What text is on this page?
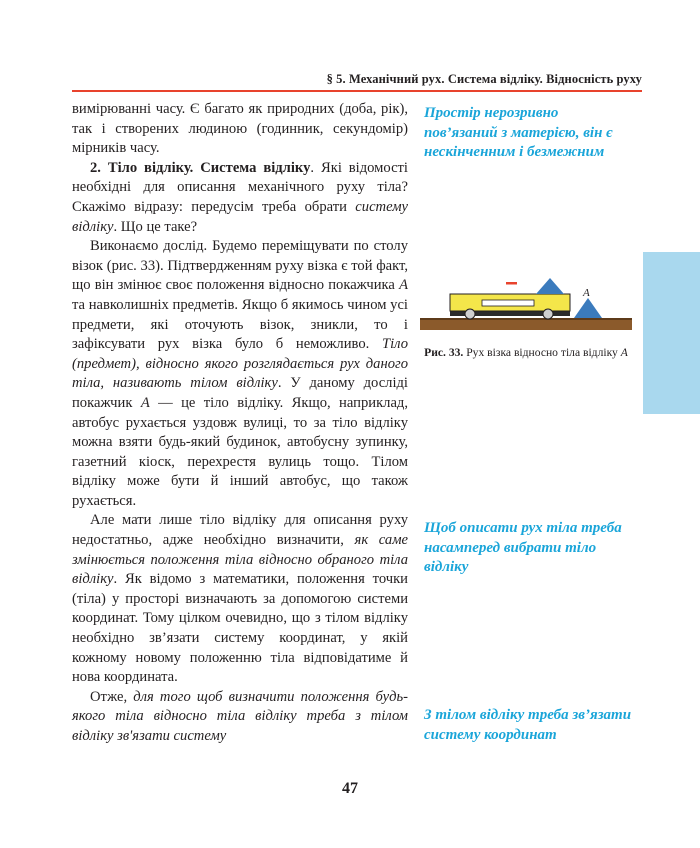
§ 5. Механічний рух. Система відліку. Відносність руху

вимірюванні часу. Є багато як природних (доба, рік), так і створених людиною (годинник, секундомір) мірників часу.

2. Тіло відліку. Система відліку. Які відомості необхідні для описання механічного руху тіла? Скажімо відразу: передусім треба обрати систему відліку. Що це таке?

Виконаємо дослід. Будемо переміщувати по столу візок (рис. 33). Підтвердженням руху візка є той факт, що він змінює своє положення відносно покажчика А та навколишніх предметів. Якщо б якимось чином усі предмети, які оточують візок, зникли, то і зафіксувати рух візка було б неможливо. Тіло (предмет), відносно якого розглядається рух даного тіла, називають тілом відліку. У даному досліді покажчик А — це тіло відліку. Якщо, наприклад, автобус рухається уздовж вулиці, то за тіло відліку можна взяти будь-який будинок, автобусну зупинку, газетний кіоск, перехрестя вулиць тощо. Тілом відліку може бути й інший автобус, що також рухається.

Але мати лише тіло відліку для описання руху недостатньо, адже необхідно визначити, як саме змінюється положення тіла відносно обраного тіла відліку. Як відомо з математики, положення точки (тіла) у просторі визначають за допомогою системи координат. Тому цілком очевидно, що з тілом відліку необхідно зв’язати систему координат, у якій кожному новому положенню тіла відповідатиме й нова координата.

Отже, для того щоб визначити положення будь-якого тіла відносно тіла відліку треба з тілом відліку зв'язати систему

Простір нерозривно пов’язаний з матерією, він є нескінченним і безмежним
Щоб описати рух тіла треба насамперед вибрати тіло відліку
З тілом відліку треба зв’язати систему координат
А
Рис. 33. Рух візка відносно тіла відліку А
47
